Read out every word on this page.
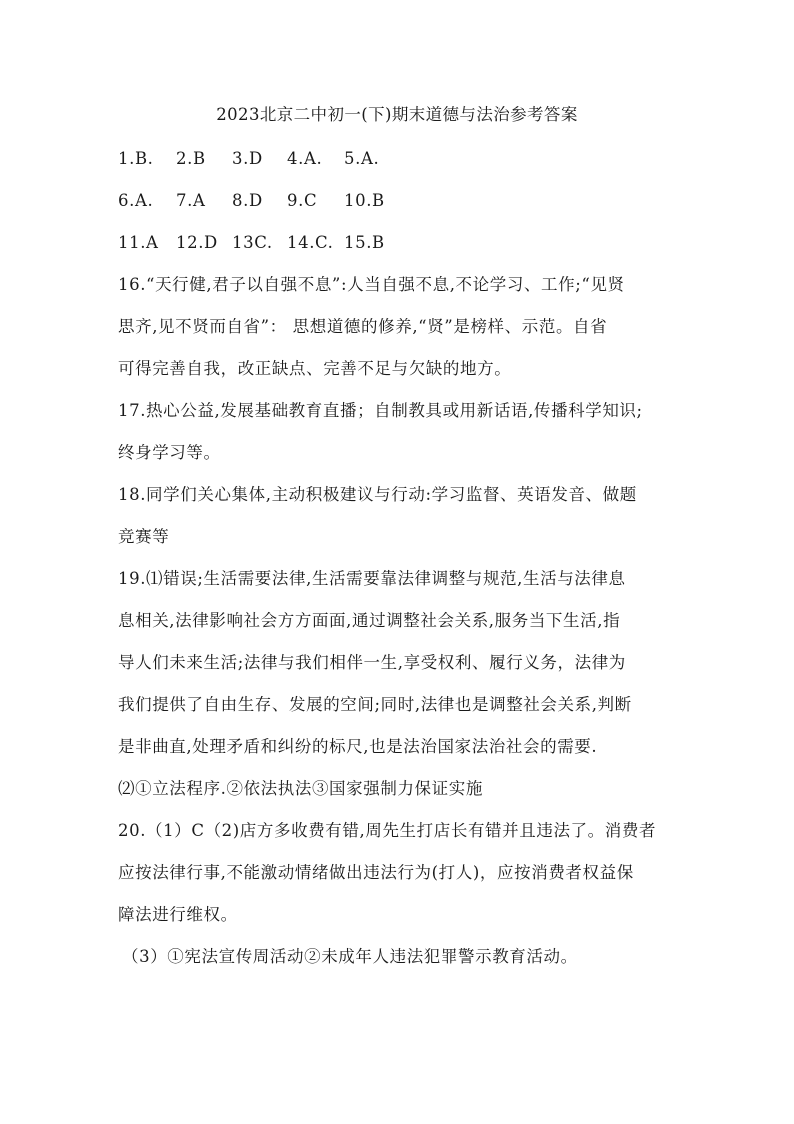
2023北京二中初一(下)期末道德与法治参考答案
1.B. 2.B 3.D 4.A. 5.A.
6.A. 7.A 8.D 9.C 10.B
11.A 12.D 13C. 14.C. 15.B
16.“天行健,君子以自强不息”:人当自强不息,不论学习、工作;“见贤
思齐,见不贤而自省”： 思想道德的修养,“贤”是榜样、示范。自省
可得完善自我，改正缺点、完善不足与欠缺的地方。
17.热心公益,发展基础教育直播；自制教具或用新话语,传播科学知识;
终身学习等。
18.同学们关心集体,主动积极建议与行动:学习监督、英语发音、做题
竞赛等
19.⑴错误;生活需要法律,生活需要靠法律调整与规范,生活与法律息
息相关,法律影响社会方方面面,通过调整社会关系,服务当下生活,指
导人们未来生活;法律与我们相伴一生,享受权利、履行义务，法律为
我们提供了自由生存、发展的空间;同时,法律也是调整社会关系,判断
是非曲直,处理矛盾和纠纷的标尺,也是法治国家法治社会的需要.
⑵①立法程序.②依法执法③国家强制力保证实施
20.（1）C（2)店方多收费有错,周先生打店长有错并且违法了。消费者
应按法律行事,不能激动情绪做出违法行为(打人)，应按消费者权益保
障法进行维权。
（3）①宪法宣传周活动②未成年人违法犯罪警示教育活动。
